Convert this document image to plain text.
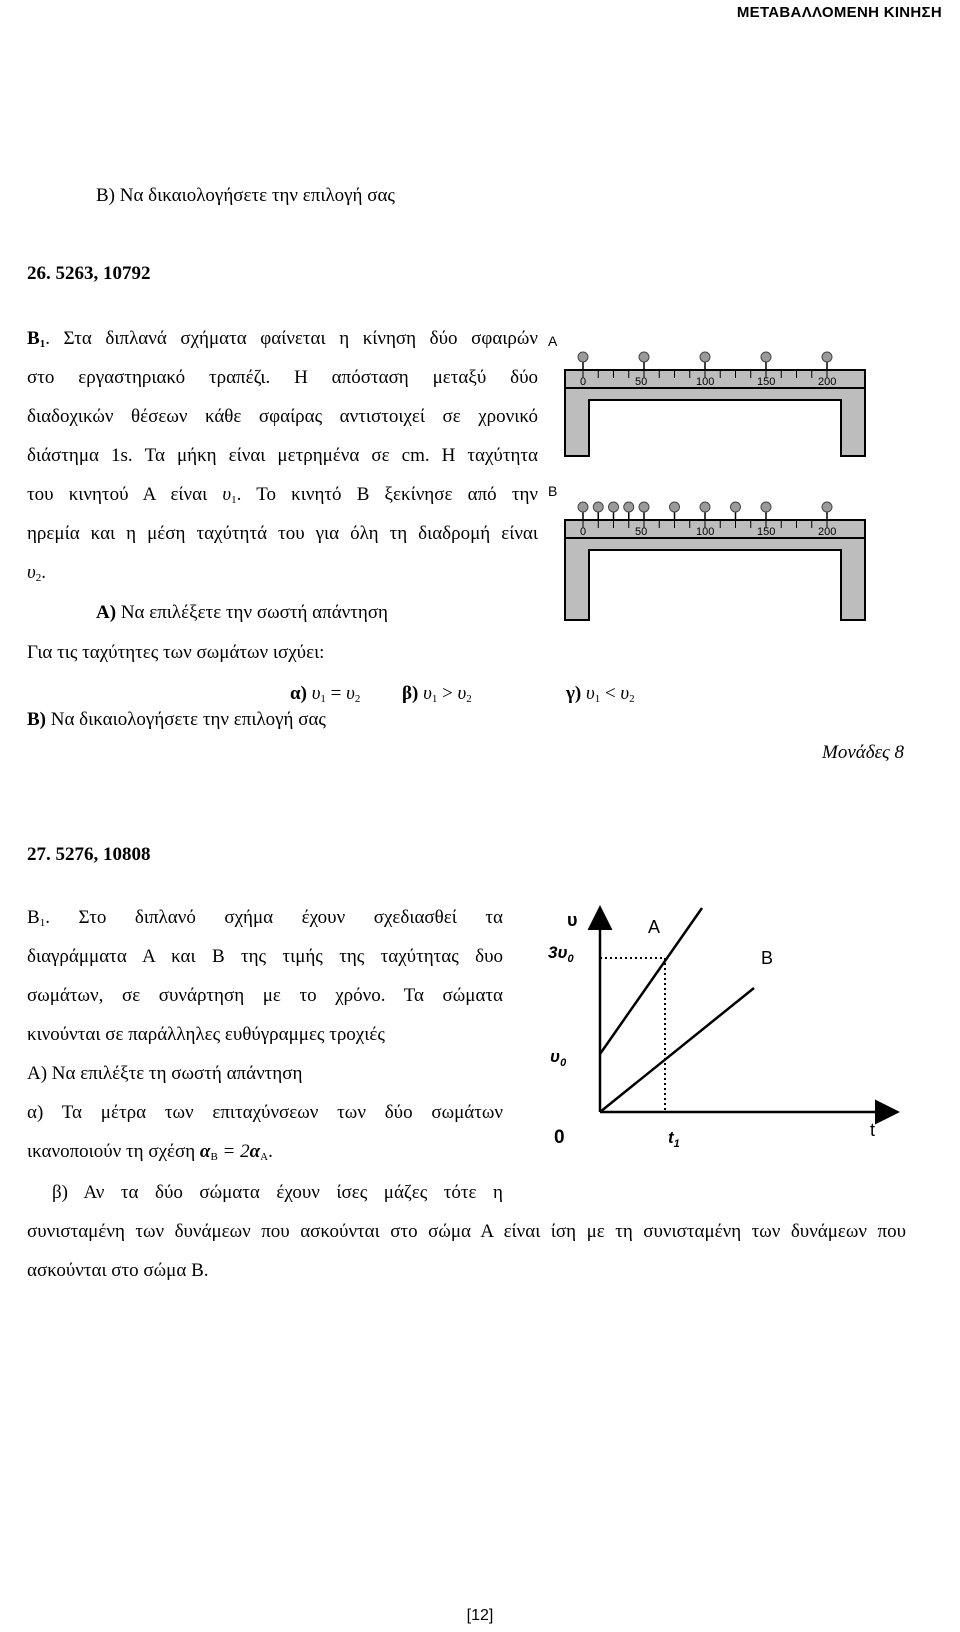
ΜΕΤΑΒΑΛΛΟΜΕΝΗ ΚΙΝΗΣΗ
Β) Να δικαιολογήσετε την επιλογή σας
26. 5263, 10792
$B_1$. Στα διπλανά σχήματα φαίνεται η κίνηση δύο σφαιρών
στο εργαστηριακό τραπέζι. Η απόσταση μεταξύ δύο
διαδοχικών θέσεων κάθε σφαίρας αντιστοιχεί σε χρονικό
διάστημα 1s. Τα μήκη είναι μετρημένα σε cm. Η ταχύτητα
του κινητού Α είναι $\upsilon_1$. Το κινητό Β ξεκίνησε από την
ηρεμία και η μέση ταχύτητά του για όλη τη διαδρομή είναι
$\upsilon_2$.
Α) Να επιλέξετε την σωστή απάντηση
Για τις ταχύτητες των σωμάτων ισχύει:
α) $\upsilon_1 = \upsilon_2$ β) $\upsilon_1 > \upsilon_2$	γ) $\upsilon_1 < \upsilon_2$
Β) Να δικαιολογήσετε την επιλογή σας
Μονάδες 8
A
0	50	100	150	200
B
0	50	100	150	200
27. 5276, 10808
$B_1$. Στο διπλανό σχήμα έχουν σχεδιασθεί τα
διαγράμματα Α και Β της τιμής της ταχύτητας δυο
σωμάτων, σε συνάρτηση με το χρόνο. Τα σώματα
κινούνται σε παράλληλες ευθύγραμμες τροχιές
Α) Να επιλέξτε τη σωστή απάντηση
α) Τα μέτρα των επιταχύνσεων των δύο σωμάτων
ικανοποιούν τη σχέση $\alpha_B = 2\alpha_A$.
β) Αν τα δύο σώματα έχουν ίσες μάζες τότε η
συνισταμένη των δυνάμεων που ασκούνται στο σώμα Α είναι ίση με τη συνισταμένη των δυνάμεων που
ασκούνται στο σώμα Β.
υ
$3\upsilon_0$
$\upsilon_0$
0	$t_1$
t
A
B
[12]
